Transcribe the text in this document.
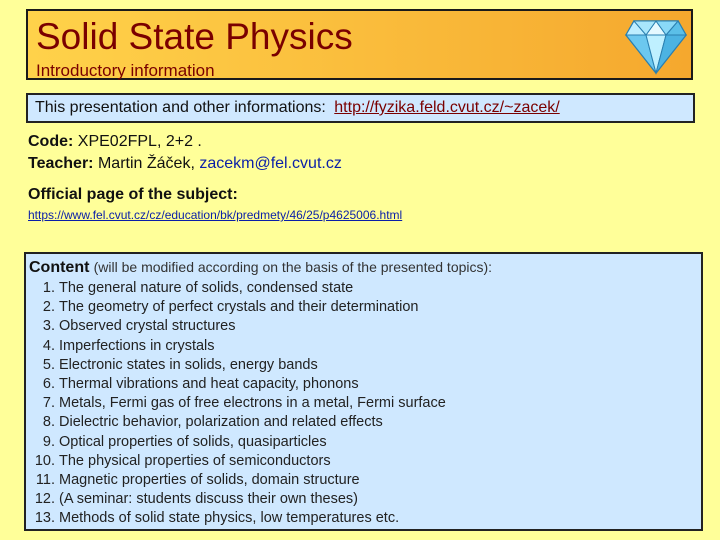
Solid State Physics
Introductory information
This presentation and other informations: http://fyzika.feld.cvut.cz/~zacek/
Code: XPE02FPL, 2+2 .
Teacher: Martin Žáček, zacekm@fel.cvut.cz
Official page of the subject:
https://www.fel.cvut.cz/cz/education/bk/predmety/46/25/p4625006.html
Content (will be modified according on the basis of the presented topics):
1. The general nature of solids, condensed state
2. The geometry of perfect crystals and their determination
3. Observed crystal structures
4. Imperfections in crystals
5. Electronic states in solids, energy bands
6. Thermal vibrations and heat capacity, phonons
7. Metals, Fermi gas of free electrons in a metal, Fermi surface
8. Dielectric behavior, polarization and related effects
9. Optical properties of solids, quasiparticles
10. The physical properties of semiconductors
11. Magnetic properties of solids, domain structure
12. (A seminar: students discuss their own theses)
13. Methods of solid state physics, low temperatures etc.
